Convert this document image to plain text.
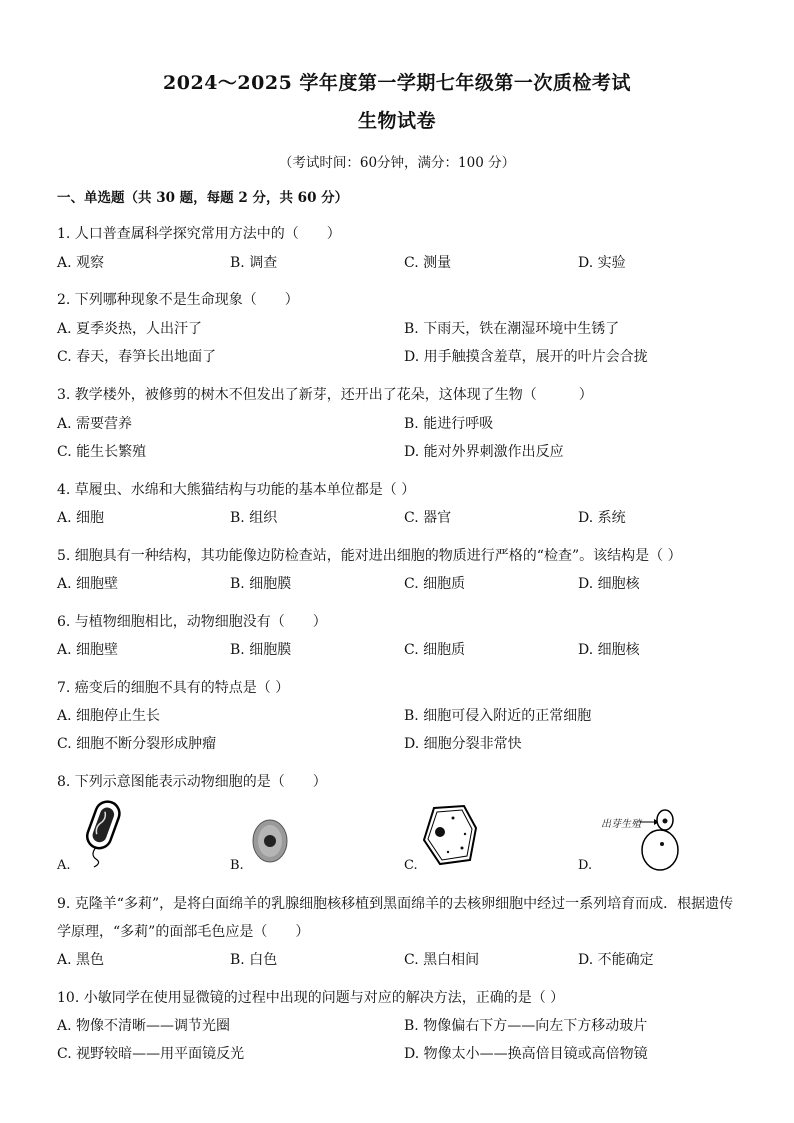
2024～2025 学年度第一学期七年级第一次质检考试
生物试卷
（考试时间：60分钟，满分：100 分）
一、单选题（共 30 题，每题 2 分，共 60 分）
1. 人口普查属科学探究常用方法中的（　　）
A. 观察	B. 调查	C. 测量	D. 实验
2. 下列哪种现象不是生命现象（　　）
A. 夏季炎热，人出汗了	B. 下雨天，铁在潮湿环境中生锈了
C. 春天，春笋长出地面了	D. 用手触摸含羞草，展开的叶片会合拢
3. 教学楼外，被修剪的树木不但发出了新芽，还开出了花朵，这体现了生物（　　　）
A. 需要营养	B. 能进行呼吸
C. 能生长繁殖	D. 能对外界刺激作出反应
4. 草履虫、水绵和大熊猫结构与功能的基本单位都是（ ）
A. 细胞	B. 组织	C. 器官	D. 系统
5. 细胞具有一种结构，其功能像边防检查站，能对进出细胞的物质进行严格的“检查”。该结构是（ ）
A. 细胞壁	B. 细胞膜	C. 细胞质	D. 细胞核
6. 与植物细胞相比，动物细胞没有（　　）
A. 细胞壁	B. 细胞膜	C. 细胞质	D. 细胞核
7. 癌变后的细胞不具有的特点是（ ）
A. 细胞停止生长	B. 细胞可侵入附近的正常细胞
C. 细胞不断分裂形成肿瘤	D. 细胞分裂非常快
8. 下列示意图能表示动物细胞的是（　　）
A.	B.	C.
出芽生殖
D.
9. 克隆羊“多莉”，是将白面绵羊的乳腺细胞核移植到黑面绵羊的去核卵细胞中经过一系列培育而成．根据遗传
学原理，“多莉”的面部毛色应是（　　）
A. 黑色	B. 白色	C. 黑白相间	D. 不能确定
10. 小敏同学在使用显微镜的过程中出现的问题与对应的解决方法，正确的是（ ）
A. 物像不清晰——调节光圈	B. 物像偏右下方——向左下方移动玻片
C. 视野较暗——用平面镜反光	D. 物像太小——换高倍目镜或高倍物镜
